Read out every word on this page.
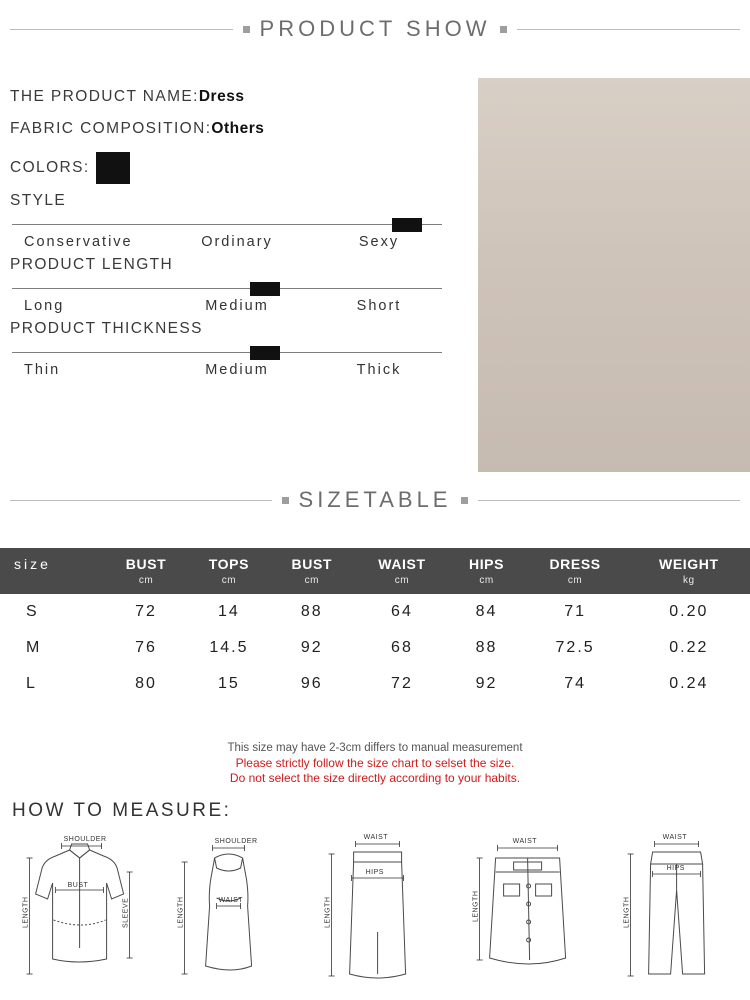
PRODUCT SHOW
THE PRODUCT NAME:Dress
FABRIC COMPOSITION:Others
COLORS:
STYLE
Conservative	Ordinary	Sexy
PRODUCT LENGTH
Long	Medium	Short
PRODUCT THICKNESS
Thin	Medium	Thick
SIZETABLE
size	BUST	TOPS	BUST	WAIST	HIPS	DRESS	WEIGHT
	cm	cm	cm	cm	cm	cm	kg
S	72	14	88	64	84	71	0.20
M	76	14.5	92	68	88	72.5	0.22
L	80	15	96	72	92	74	0.24
This size may have 2-3cm differs to manual measurement
Please strictly follow the size chart to selset the size.
Do not select the size directly according to your habits.
HOW TO MEASURE:
SHOULDER
BUST
LENGTH	SLEEVE
SHOULDER
WAIST
LENGTH
WAIST
HIPS
LENGTH
WAIST
LENGTH
WAIST
HIPS
LENGTH
